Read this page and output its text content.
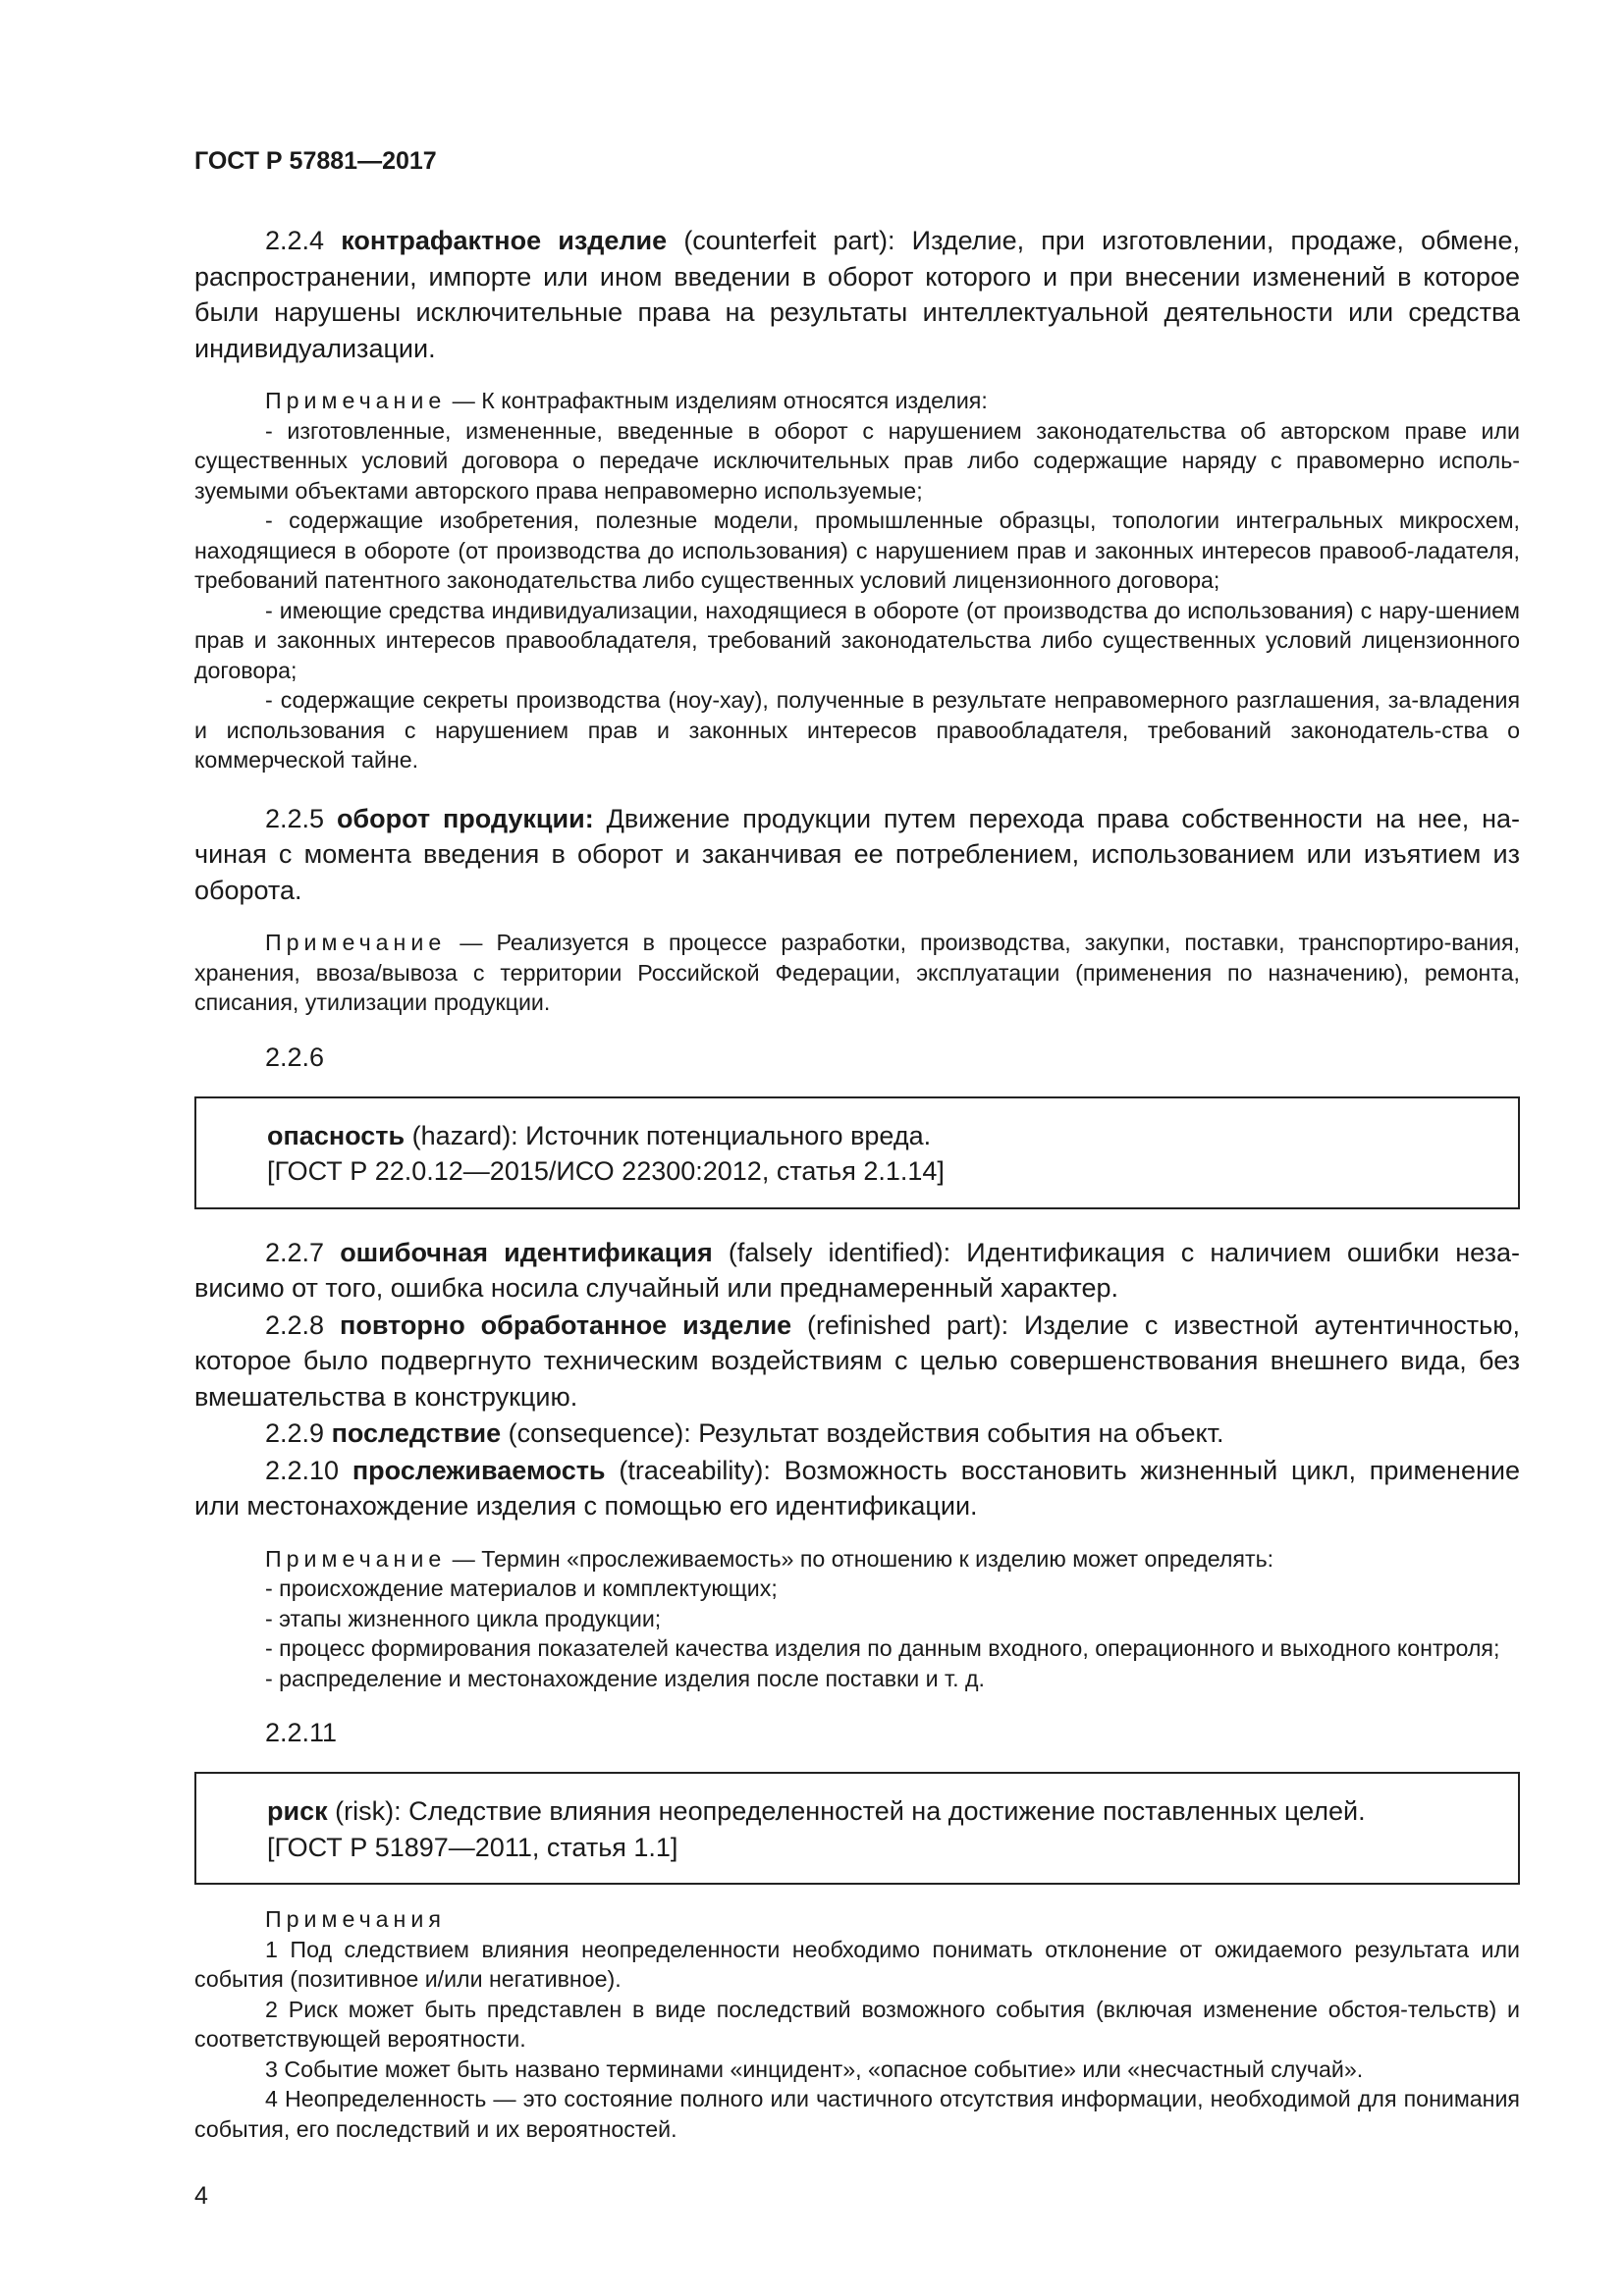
ГОСТ Р 57881—2017

2.2.4 контрафактное изделие (counterfeit part): Изделие, при изготовлении, продаже, обмене, распространении, импорте или ином введении в оборот которого и при внесении изменений в которое были нарушены исключительные права на результаты интеллектуальной деятельности или средства индивидуализации.

Примечание — К контрафактным изделиям относятся изделия:

- изготовленные, измененные, введенные в оборот с нарушением законодательства об авторском праве или существенных условий договора о передаче исключительных прав либо содержащие наряду с правомерно исполь-зуемыми объектами авторского права неправомерно используемые;

- содержащие изобретения, полезные модели, промышленные образцы, топологии интегральных микросхем, находящиеся в обороте (от производства до использования) с нарушением прав и законных интересов правооб-ладателя, требований патентного законодательства либо существенных условий лицензионного договора;

- имеющие средства индивидуализации, находящиеся в обороте (от производства до использования) с нару-шением прав и законных интересов правообладателя, требований законодательства либо существенных условий лицензионного договора;

- содержащие секреты производства (ноу-хау), полученные в результате неправомерного разглашения, за-владения и использования с нарушением прав и законных интересов правообладателя, требований законодатель-ства о коммерческой тайне.

2.2.5 оборот продукции: Движение продукции путем перехода права собственности на нее, на-чиная с момента введения в оборот и заканчивая ее потреблением, использованием или изъятием из оборота.

Примечание — Реализуется в процессе разработки, производства, закупки, поставки, транспортиро-вания, хранения, ввоза/вывоза с территории Российской Федерации, эксплуатации (применения по назначению), ремонта, списания, утилизации продукции.

2.2.6

опасность (hazard): Источник потенциального вреда.

[ГОСТ Р 22.0.12—2015/ИСО 22300:2012, статья 2.1.14]

2.2.7 ошибочная идентификация (falsely identified): Идентификация с наличием ошибки неза-висимо от того, ошибка носила случайный или преднамеренный характер.

2.2.8 повторно обработанное изделие (refinished part): Изделие с известной аутентичностью, которое было подвергнуто техническим воздействиям с целью совершенствования внешнего вида, без вмешательства в конструкцию.

2.2.9 последствие (consequence): Результат воздействия события на объект.

2.2.10 прослеживаемость (traceability): Возможность восстановить жизненный цикл, применение или местонахождение изделия с помощью его идентификации.

Примечание — Термин «прослеживаемость» по отношению к изделию может определять:

- происхождение материалов и комплектующих;

- этапы жизненного цикла продукции;

- процесс формирования показателей качества изделия по данным входного, операционного и выходного контроля;

- распределение и местонахождение изделия после поставки и т. д.

2.2.11

риск (risk): Следствие влияния неопределенностей на достижение поставленных целей.

[ГОСТ Р 51897—2011, статья 1.1]

Примечания

1 Под следствием влияния неопределенности необходимо понимать отклонение от ожидаемого результата или события (позитивное и/или негативное).

2 Риск может быть представлен в виде последствий возможного события (включая изменение обстоя-тельств) и соответствующей вероятности.

3 Событие может быть названо терминами «инцидент», «опасное событие» или «несчастный случай».

4 Неопределенность — это состояние полного или частичного отсутствия информации, необходимой для понимания события, его последствий и их вероятностей.

4
